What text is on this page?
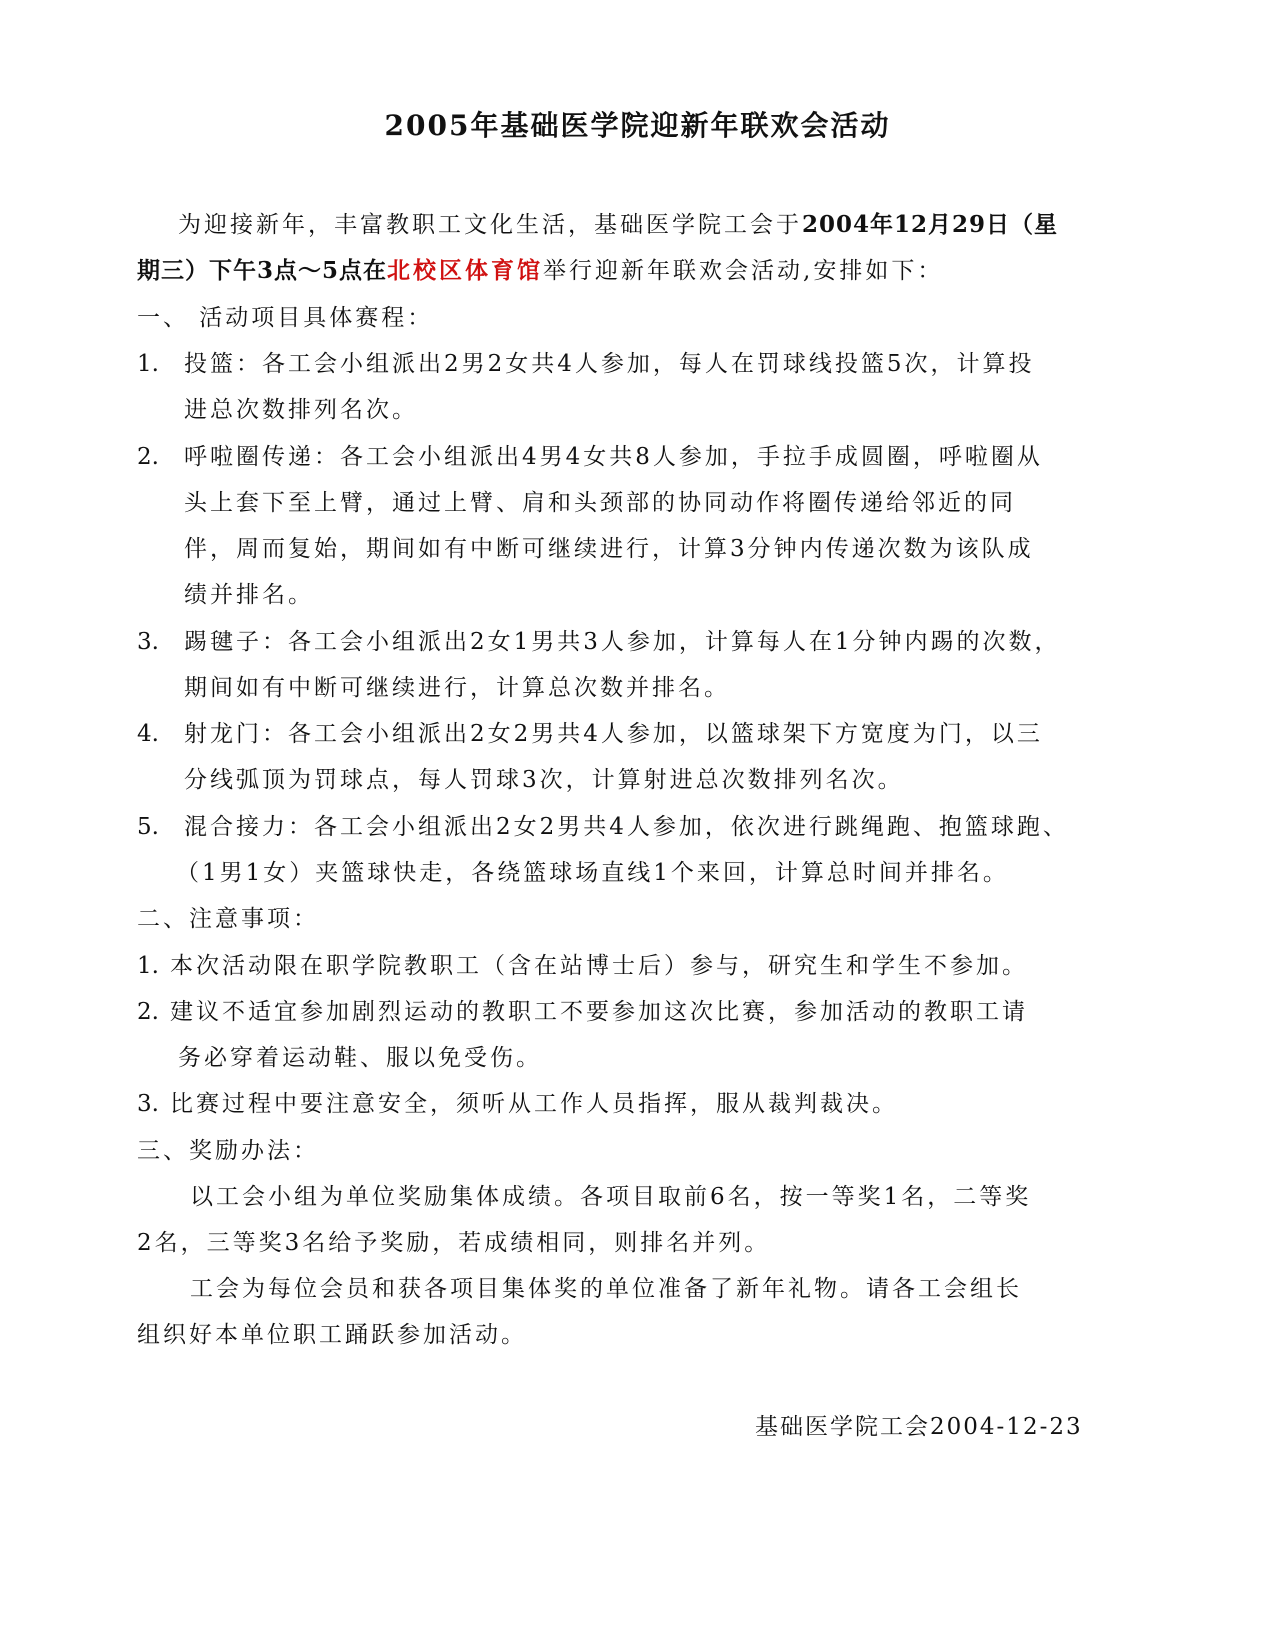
2005年基础医学院迎新年联欢会活动
为迎接新年，丰富教职工文化生活，基础医学院工会于2004年12月29日（星
期三）下午3点～5点在北校区体育馆举行迎新年联欢会活动,安排如下：
一、 活动项目具体赛程：
1. 投篮：各工会小组派出2男2女共4人参加，每人在罚球线投篮5次，计算投
进总次数排列名次。
2. 呼啦圈传递：各工会小组派出4男4女共8人参加，手拉手成圆圈，呼啦圈从
头上套下至上臂，通过上臂、肩和头颈部的协同动作将圈传递给邻近的同
伴，周而复始，期间如有中断可继续进行，计算3分钟内传递次数为该队成
绩并排名。
3. 踢毽子：各工会小组派出2女1男共3人参加，计算每人在1分钟内踢的次数，
期间如有中断可继续进行，计算总次数并排名。
4. 射龙门：各工会小组派出2女2男共4人参加，以篮球架下方宽度为门，以三
分线弧顶为罚球点，每人罚球3次，计算射进总次数排列名次。
5. 混合接力：各工会小组派出2女2男共4人参加，依次进行跳绳跑、抱篮球跑、
（1男1女）夹篮球快走，各绕篮球场直线1个来回，计算总时间并排名。
二、注意事项：
1. 本次活动限在职学院教职工（含在站博士后）参与，研究生和学生不参加。
2. 建议不适宜参加剧烈运动的教职工不要参加这次比赛，参加活动的教职工请
务必穿着运动鞋、服以免受伤。
3. 比赛过程中要注意安全，须听从工作人员指挥，服从裁判裁决。
三、奖励办法：
以工会小组为单位奖励集体成绩。各项目取前6名，按一等奖1名，二等奖
2名，三等奖3名给予奖励，若成绩相同，则排名并列。
工会为每位会员和获各项目集体奖的单位准备了新年礼物。请各工会组长
组织好本单位职工踊跃参加活动。
基础医学院工会2004-12-23
